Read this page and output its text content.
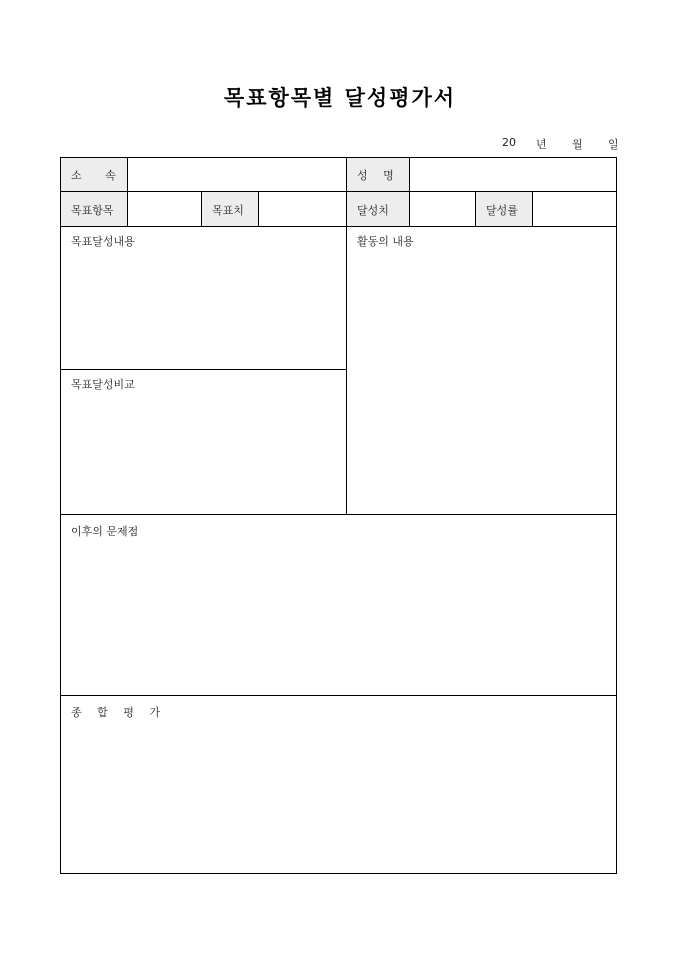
목표항목별 달성평가서
20 년 월 일
소 속	성 명
목표항목	목표치	달성치	달성률
목표달성내용
목표달성비교
활동의 내용
이후의 문제점
종 합 평 가
